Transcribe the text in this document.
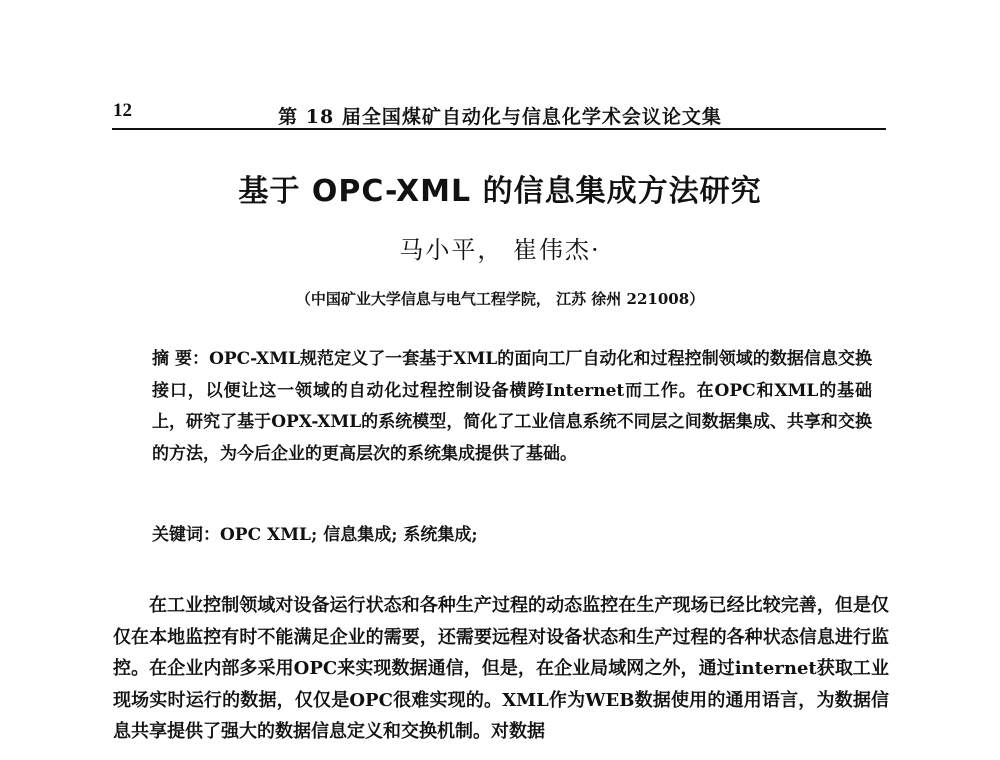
12	第 18 届全国煤矿自动化与信息化学术会议论文集
基于 OPC-XML 的信息集成方法研究
马小平， 崔伟杰·
（中国矿业大学信息与电气工程学院， 江苏 徐州 221008）
摘 要：OPC-XML规范定义了一套基于XML的面向工厂自动化和过程控制领域的数据信息交换接口，以便让这一领域的自动化过程控制设备横跨Internet而工作。在OPC和XML的基础上，研究了基于OPX-XML的系统模型，简化了工业信息系统不同层之间数据集成、共享和交换的方法，为今后企业的更高层次的系统集成提供了基础。
关键词：OPC XML; 信息集成; 系统集成;
在工业控制领域对设备运行状态和各种生产过程的动态监控在生产现场已经比较完善，但是仅仅在本地监控有时不能满足企业的需要，还需要远程对设备状态和生产过程的各种状态信息进行监控。在企业内部多采用OPC来实现数据通信，但是，在企业局域网之外，通过internet获取工业现场实时运行的数据，仅仅是OPC很难实现的。XML作为WEB数据使用的通用语言，为数据信息共享提供了强大的数据信息定义和交换机制。对数据
